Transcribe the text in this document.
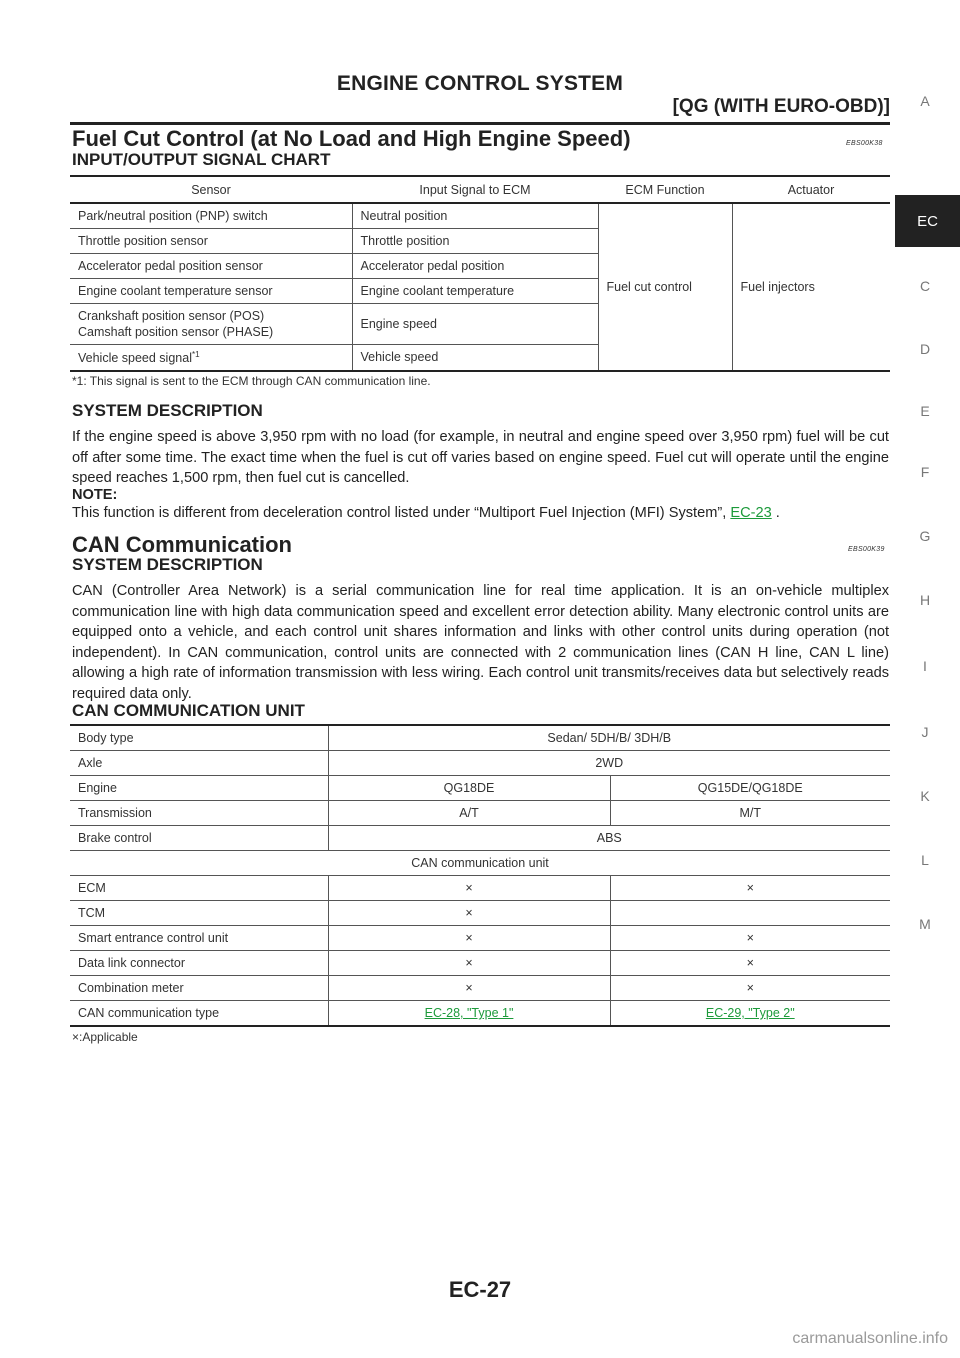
ENGINE CONTROL SYSTEM
[QG (WITH EURO-OBD)]	A
EC
C
D
E
F
G
H
I
J
K
L
M
Fuel Cut Control (at No Load and High Engine Speed)	EBS00K38
INPUT/OUTPUT SIGNAL CHART
Sensor	Input Signal to ECM	ECM Function	Actuator
Park/neutral position (PNP) switch	Neutral position	Fuel cut control	Fuel injectors
Throttle position sensor	Throttle position		
Accelerator pedal position sensor	Accelerator pedal position		
Engine coolant temperature sensor	Engine coolant temperature		

Crankshaft position sensor (POS)
Camshaft position sensor (PHASE)	Engine speed		
Vehicle speed signal$^{*1}$	Vehicle speed		
*1: This signal is sent to the ECM through CAN communication line.
SYSTEM DESCRIPTION

If the engine speed is above 3,950 rpm with no load (for example, in neutral and engine speed over 3,950 rpm) fuel will be cut off after some time. The exact time when the fuel is cut off varies based on engine speed. Fuel cut will operate until the engine speed reaches 1,500 rpm, then fuel cut is cancelled.

NOTE:
This function is different from deceleration control listed under “Multiport Fuel Injection (MFI) System”, EC-23 .
CAN Communication	EBS00K39
SYSTEM DESCRIPTION

CAN (Controller Area Network) is a serial communication line for real time application. It is an on-vehicle multiplex communication line with high data communication speed and excellent error detection ability. Many electronic control units are equipped onto a vehicle, and each control unit shares information and links with other control units during operation (not independent). In CAN communication, control units are connected with 2 communication lines (CAN H line, CAN L line) allowing a high rate of information transmission with less wiring. Each control unit transmits/receives data but selectively reads required data only.

CAN COMMUNICATION UNIT
Body type	Sedan/ 5DH/B/ 3DH/B	
Axle	2WD	
Engine	QG18DE	QG15DE/QG18DE
Transmission	A/T	M/T
Brake control	ABS	
CAN communication unit		
ECM	×	×
TCM	×	
Smart entrance control unit	×	×
Data link connector	×	×
Combination meter	×	×
CAN communication type	EC-28, "Type 1"	EC-29, "Type 2"
×:Applicable
EC-27
carmanualsonline.info
